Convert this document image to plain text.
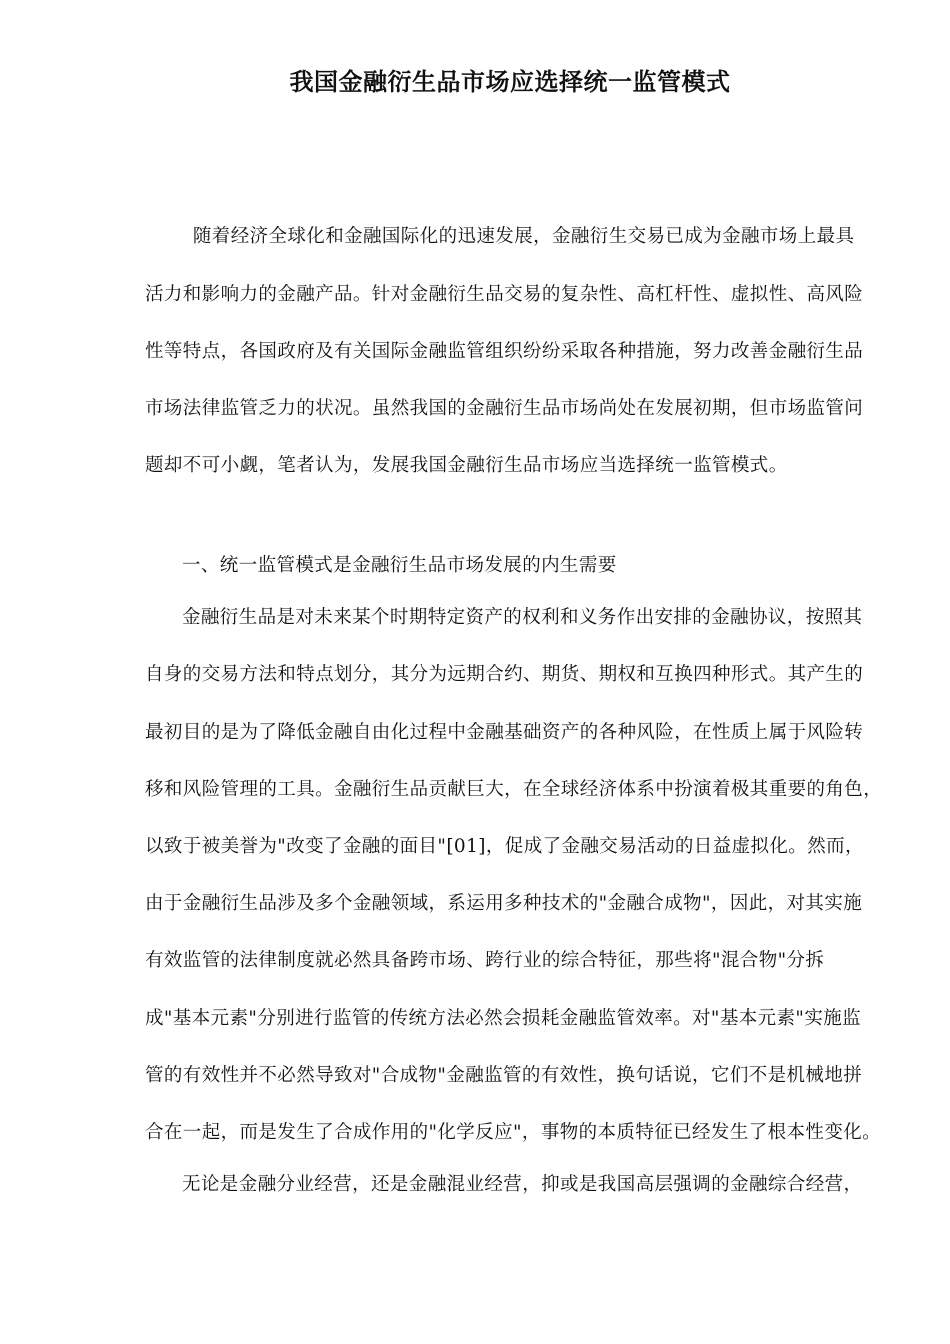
我国金融衍生品市场应选择统一监管模式
　随着经济全球化和金融国际化的迅速发展，金融衍生交易已成为金融市场上最具
活力和影响力的金融产品。针对金融衍生品交易的复杂性、高杠杆性、虚拟性、高风险
性等特点，各国政府及有关国际金融监管组织纷纷采取各种措施，努力改善金融衍生品
市场法律监管乏力的状况。虽然我国的金融衍生品市场尚处在发展初期，但市场监管问
题却不可小觑，笔者认为，发展我国金融衍生品市场应当选择统一监管模式。
一、统一监管模式是金融衍生品市场发展的内生需要
金融衍生品是对未来某个时期特定资产的权利和义务作出安排的金融协议，按照其
自身的交易方法和特点划分，其分为远期合约、期货、期权和互换四种形式。其产生的
最初目的是为了降低金融自由化过程中金融基础资产的各种风险，在性质上属于风险转
移和风险管理的工具。金融衍生品贡献巨大，在全球经济体系中扮演着极其重要的角色，
以致于被美誉为"改变了金融的面目"[01]，促成了金融交易活动的日益虚拟化。然而，
由于金融衍生品涉及多个金融领域，系运用多种技术的"金融合成物"，因此，对其实施
有效监管的法律制度就必然具备跨市场、跨行业的综合特征，那些将"混合物"分拆
成"基本元素"分别进行监管的传统方法必然会损耗金融监管效率。对"基本元素"实施监
管的有效性并不必然导致对"合成物"金融监管的有效性，换句话说，它们不是机械地拼
合在一起，而是发生了合成作用的"化学反应"，事物的本质特征已经发生了根本性变化。
无论是金融分业经营，还是金融混业经营，抑或是我国高层强调的金融综合经营，
